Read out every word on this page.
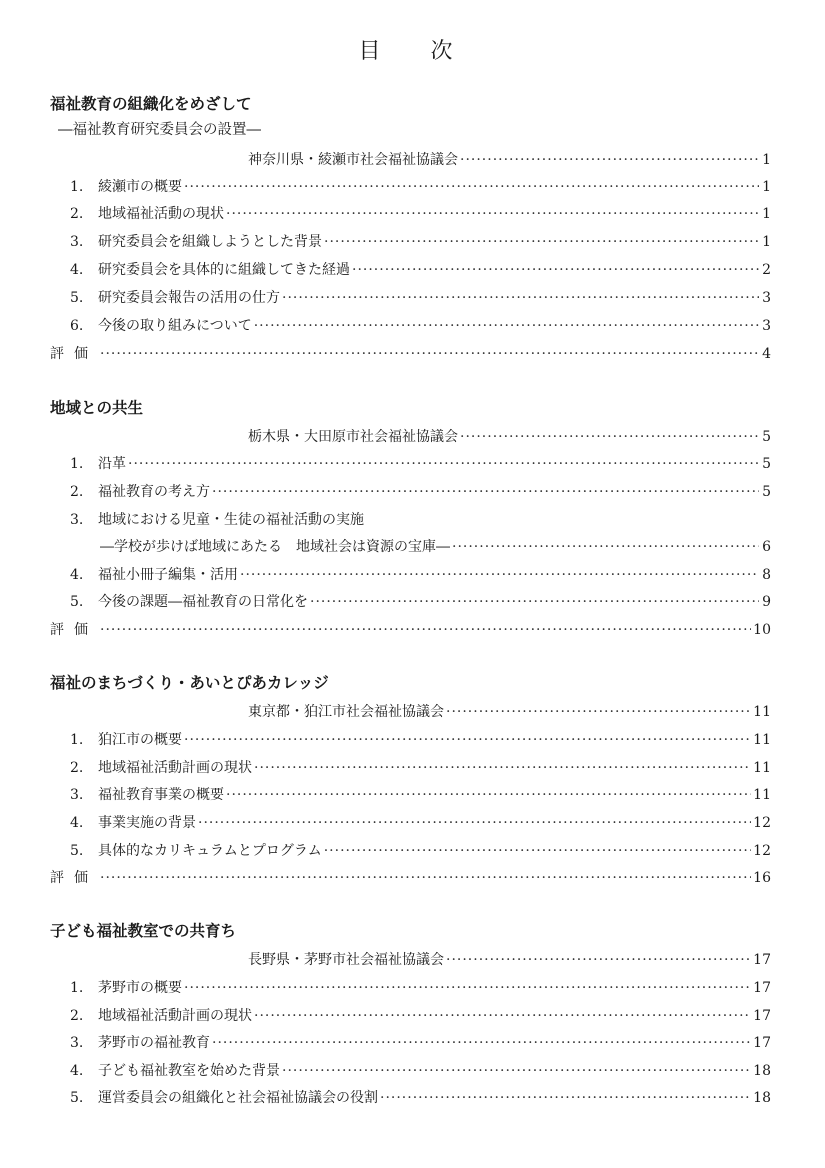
目　次
福祉教育の組織化をめざして
―福祉教育研究委員会の設置―
神奈川県・綾瀬市社会福祉協議会 ·····	1
1. 綾瀬市の概要 ·····	1
2. 地域福祉活動の現状 ·····	1
3. 研究委員会を組織しようとした背景 ·····	1
4. 研究委員会を具体的に組織してきた経過 ·····	2
5. 研究委員会報告の活用の仕方 ·····	3
6. 今後の取り組みについて ·····	3
評価 ·····	4
地域との共生
栃木県・大田原市社会福祉協議会 ·····	5
1. 沿革 ·····	5
2. 福祉教育の考え方 ·····	5
3. 地域における児童・生徒の福祉活動の実施
―学校が歩けば地域にあたる　地域社会は資源の宝庫― ·····	6
4. 福祉小冊子編集・活用 ·····	8
5. 今後の課題―福祉教育の日常化を ·····	9
評価 ·····	10
福祉のまちづくり・あいとぴあカレッジ
東京都・狛江市社会福祉協議会 ·····	11
1. 狛江市の概要 ·····	11
2. 地域福祉活動計画の現状 ·····	11
3. 福祉教育事業の概要 ·····	11
4. 事業実施の背景 ·····	12
5. 具体的なカリキュラムとプログラム ·····	12
評価 ·····	16
子ども福祉教室での共育ち
長野県・茅野市社会福祉協議会 ·····	17
1. 茅野市の概要 ·····	17
2. 地域福祉活動計画の現状 ·····	17
3. 茅野市の福祉教育 ·····	17
4. 子ども福祉教室を始めた背景 ·····	18
5. 運営委員会の組織化と社会福祉協議会の役割 ·····	18
